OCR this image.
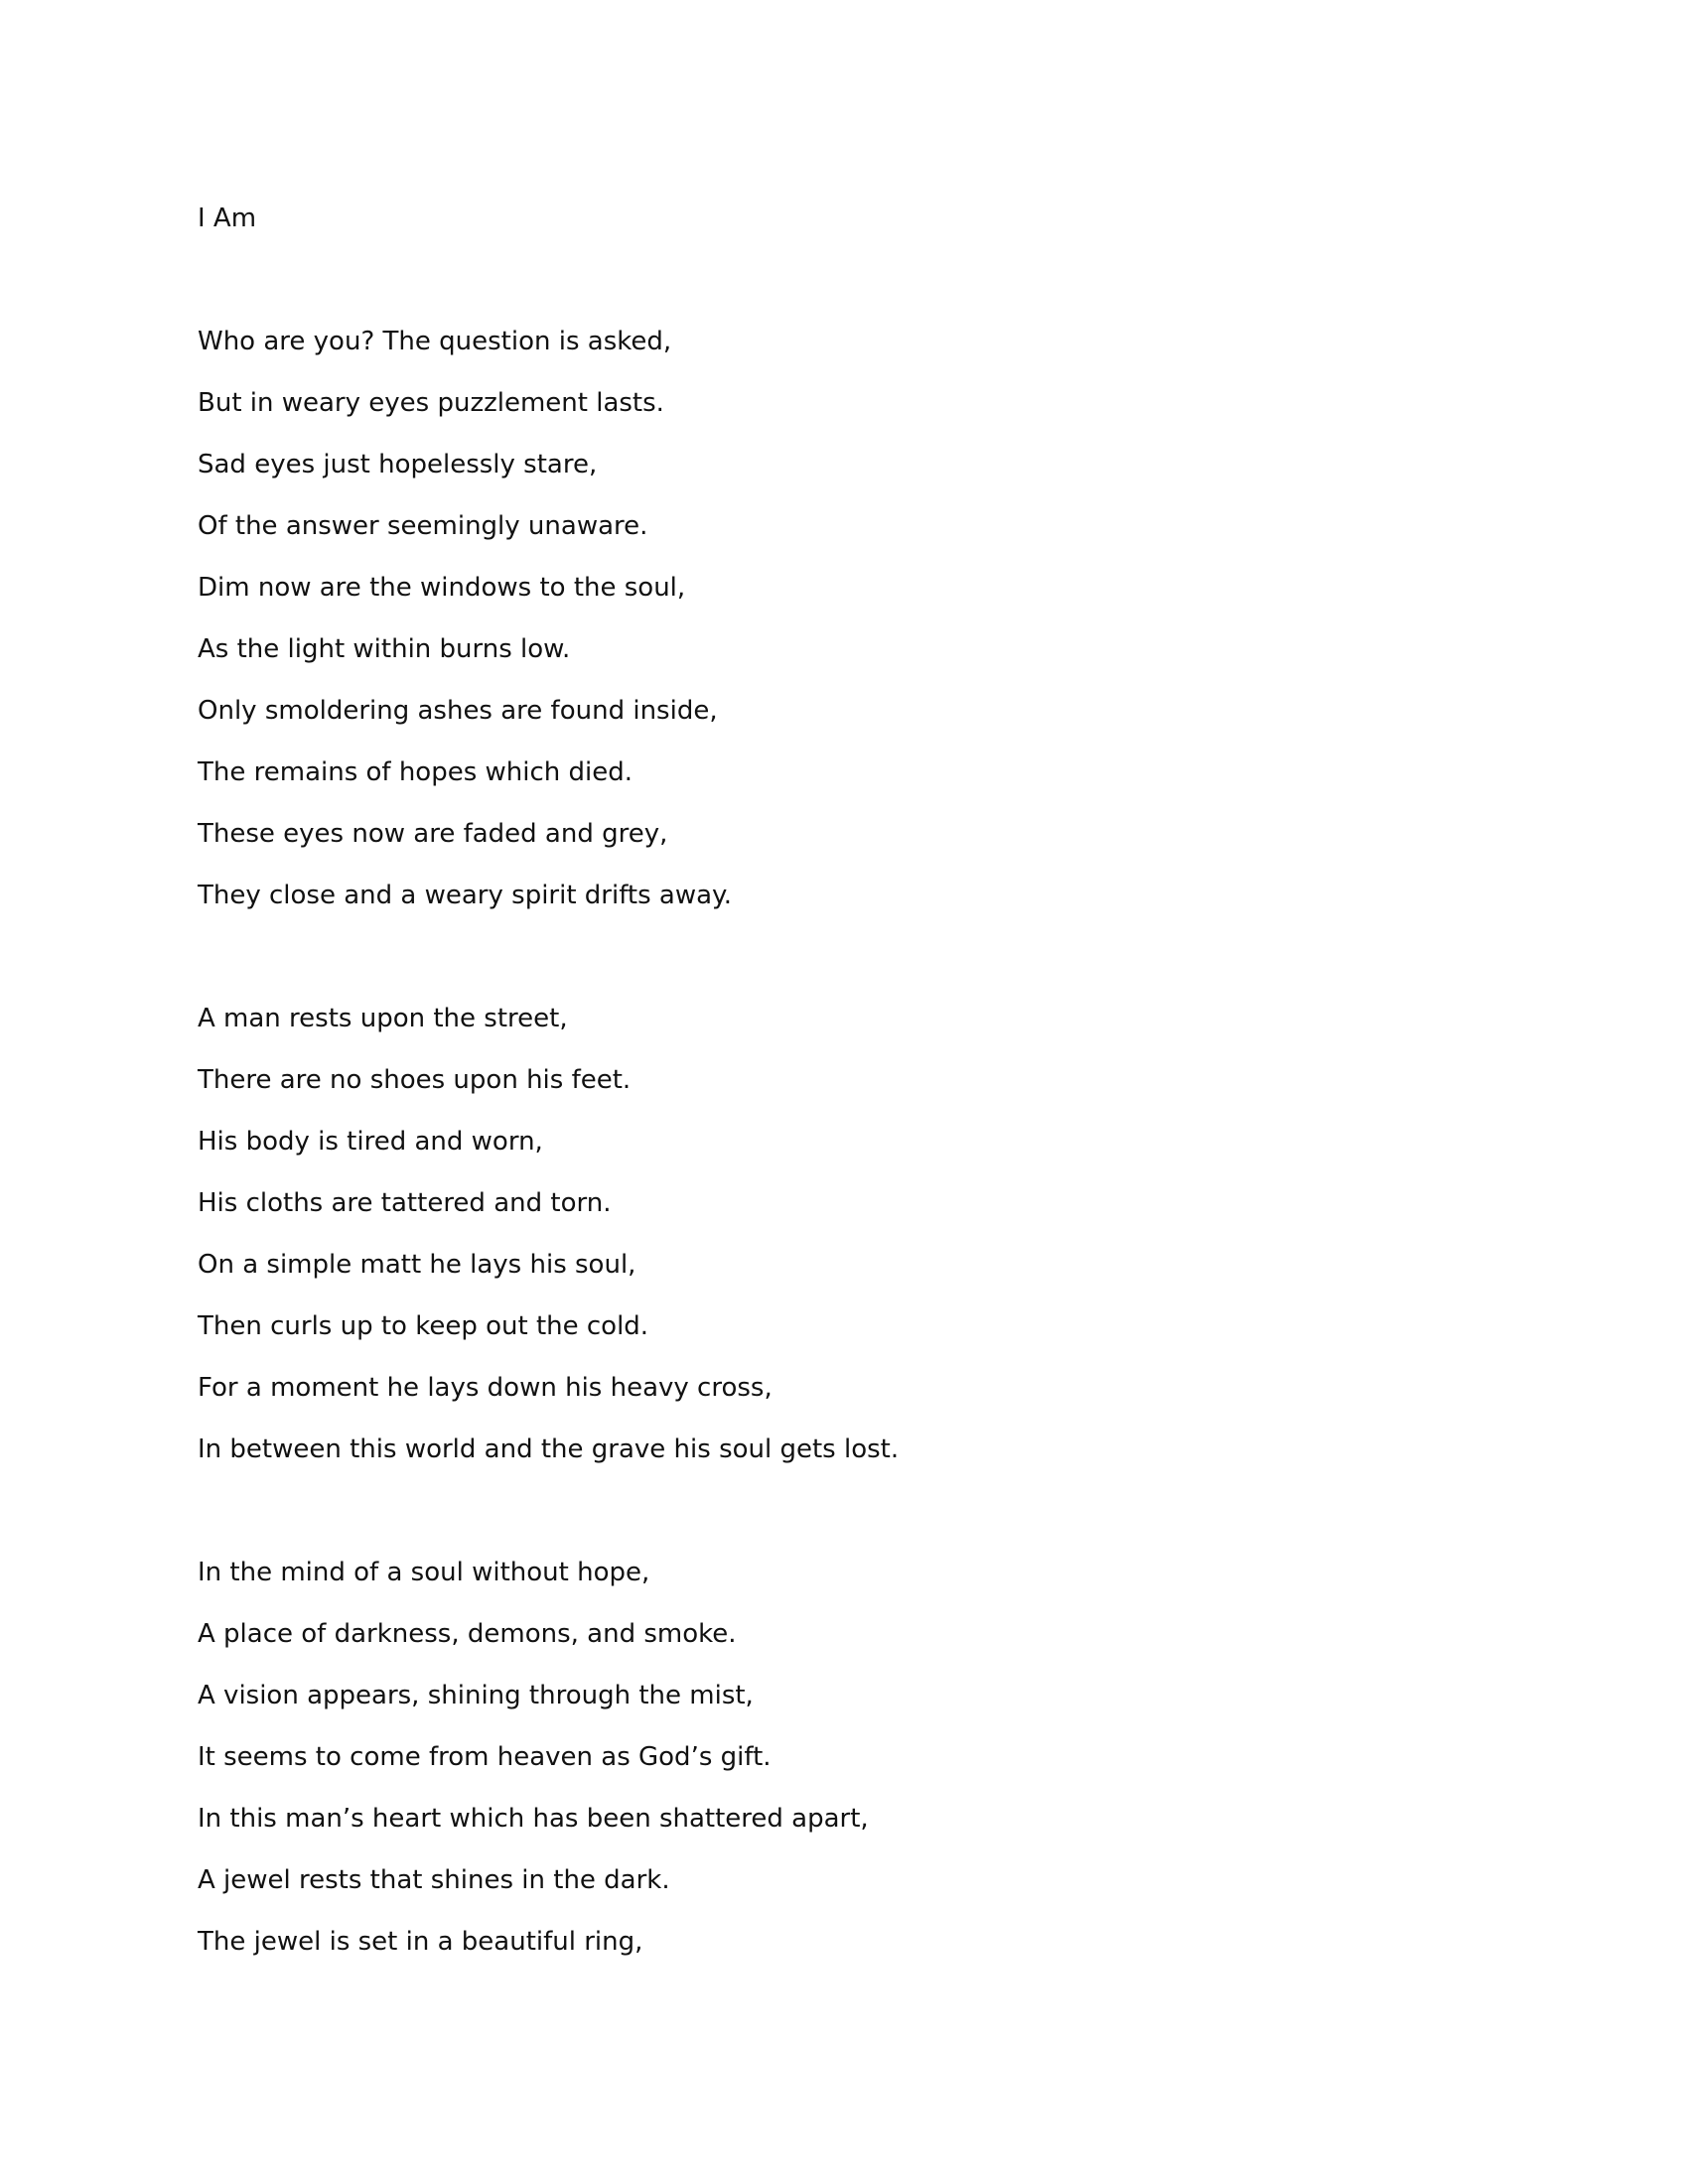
I Am

Who are you? The question is asked,

But in weary eyes puzzlement lasts.

Sad eyes just hopelessly stare,

Of the answer seemingly unaware.

Dim now are the windows to the soul,

As the light within burns low.

Only smoldering ashes are found inside,

The remains of hopes which died.

These eyes now are faded and grey,

They close and a weary spirit drifts away.

A man rests upon the street,

There are no shoes upon his feet.

His body is tired and worn,

His cloths are tattered and torn.

On a simple matt he lays his soul,

Then curls up to keep out the cold.

For a moment he lays down his heavy cross,

In between this world and the grave his soul gets lost.

In the mind of a soul without hope,

A place of darkness, demons, and smoke.

A vision appears, shining through the mist,

It seems to come from heaven as God’s gift.

In this man’s heart which has been shattered apart,

A jewel rests that shines in the dark.

The jewel is set in a beautiful ring,
